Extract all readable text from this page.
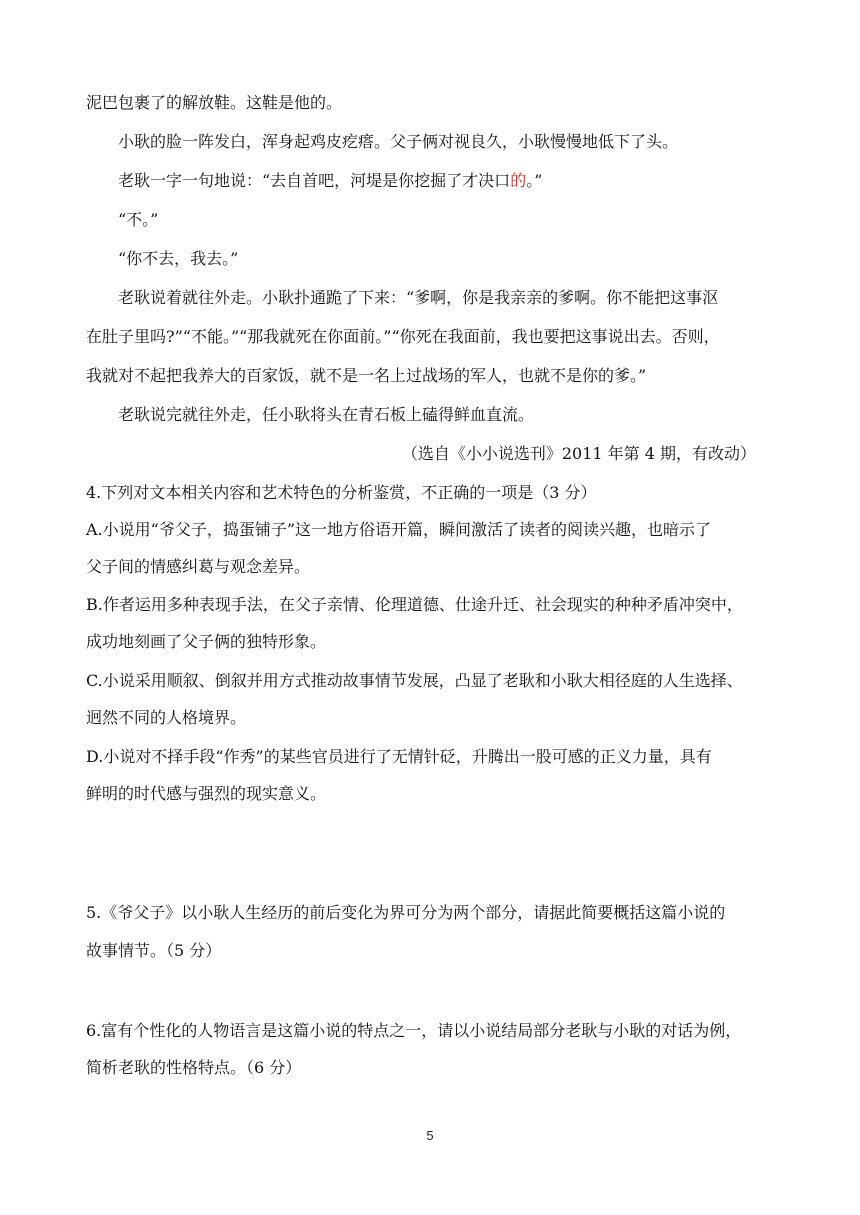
泥巴包裹了的解放鞋。这鞋是他的。
小耿的脸一阵发白，浑身起鸡皮疙瘩。父子俩对视良久，小耿慢慢地低下了头。
老耿一字一句地说：“去自首吧，河堤是你挖掘了才决口的。”
“不。”
“你不去，我去。”
老耿说着就往外走。小耿扑通跪了下来：“爹啊，你是我亲亲的爹啊。你不能把这事沤
在肚子里吗?”“不能。”“那我就死在你面前。”“你死在我面前，我也要把这事说出去。否则，
我就对不起把我养大的百家饭，就不是一名上过战场的军人，也就不是你的爹。”
老耿说完就往外走，任小耿将头在青石板上磕得鲜血直流。
（选自《小小说选刊》2011 年第 4 期，有改动）
4.下列对文本相关内容和艺术特色的分析鉴赏，不正确的一项是（3 分）
A.小说用“爷父子，捣蛋铺子”这一地方俗语开篇，瞬间激活了读者的阅读兴趣，也暗示了
父子间的情感纠葛与观念差异。
B.作者运用多种表现手法，在父子亲情、伦理道德、仕途升迁、社会现实的种种矛盾冲突中，
成功地刻画了父子俩的独特形象。
C.小说采用顺叙、倒叙并用方式推动故事情节发展，凸显了老耿和小耿大相径庭的人生选择、
迥然不同的人格境界。
D.小说对不择手段“作秀”的某些官员进行了无情针砭，升腾出一股可感的正义力量，具有
鲜明的时代感与强烈的现实意义。
5.《爷父子》以小耿人生经历的前后变化为界可分为两个部分，请据此简要概括这篇小说的
故事情节。（5 分）
6.富有个性化的人物语言是这篇小说的特点之一，请以小说结局部分老耿与小耿的对话为例，
简析老耿的性格特点。（6 分）
5
